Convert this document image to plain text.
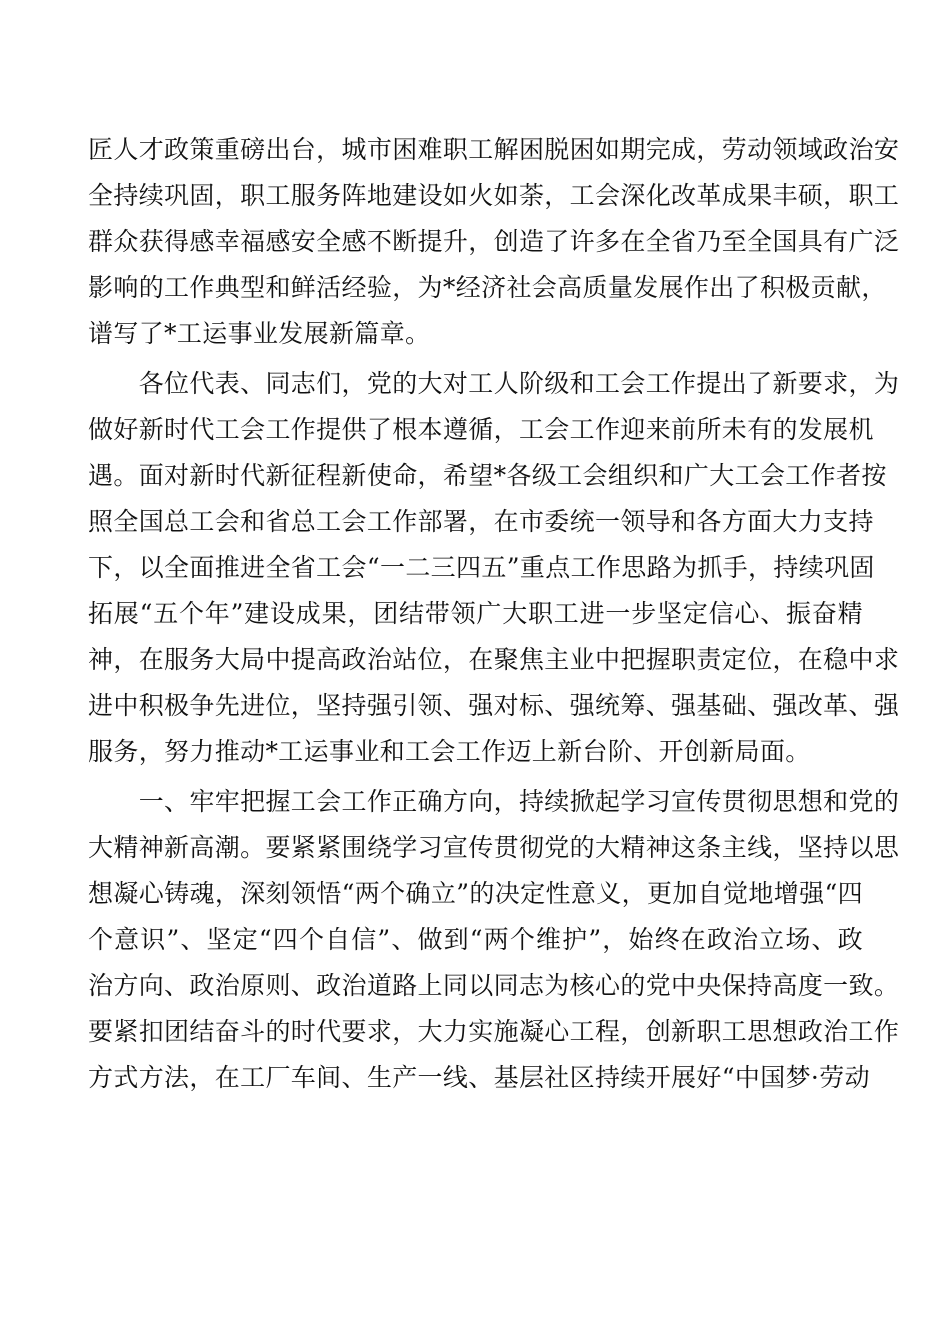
匠人才政策重磅出台，城市困难职工解困脱困如期完成，劳动领域政治安
全持续巩固，职工服务阵地建设如火如荼，工会深化改革成果丰硕，职工
群众获得感幸福感安全感不断提升，创造了许多在全省乃至全国具有广泛
影响的工作典型和鲜活经验，为*经济社会高质量发展作出了积极贡献，
谱写了*工运事业发展新篇章。
　　各位代表、同志们，党的大对工人阶级和工会工作提出了新要求，为
做好新时代工会工作提供了根本遵循，工会工作迎来前所未有的发展机
遇。面对新时代新征程新使命，希望*各级工会组织和广大工会工作者按
照全国总工会和省总工会工作部署，在市委统一领导和各方面大力支持
下，以全面推进全省工会“一二三四五”重点工作思路为抓手，持续巩固
拓展“五个年”建设成果，团结带领广大职工进一步坚定信心、振奋精
神，在服务大局中提高政治站位，在聚焦主业中把握职责定位，在稳中求
进中积极争先进位，坚持强引领、强对标、强统筹、强基础、强改革、强
服务，努力推动*工运事业和工会工作迈上新台阶、开创新局面。
　　一、牢牢把握工会工作正确方向，持续掀起学习宣传贯彻思想和党的
大精神新高潮。要紧紧围绕学习宣传贯彻党的大精神这条主线，坚持以思
想凝心铸魂，深刻领悟“两个确立”的决定性意义，更加自觉地增强“四
个意识”、坚定“四个自信”、做到“两个维护”，始终在政治立场、政
治方向、政治原则、政治道路上同以同志为核心的党中央保持高度一致。
要紧扣团结奋斗的时代要求，大力实施凝心工程，创新职工思想政治工作
方式方法，在工厂车间、生产一线、基层社区持续开展好“中国梦·劳动
